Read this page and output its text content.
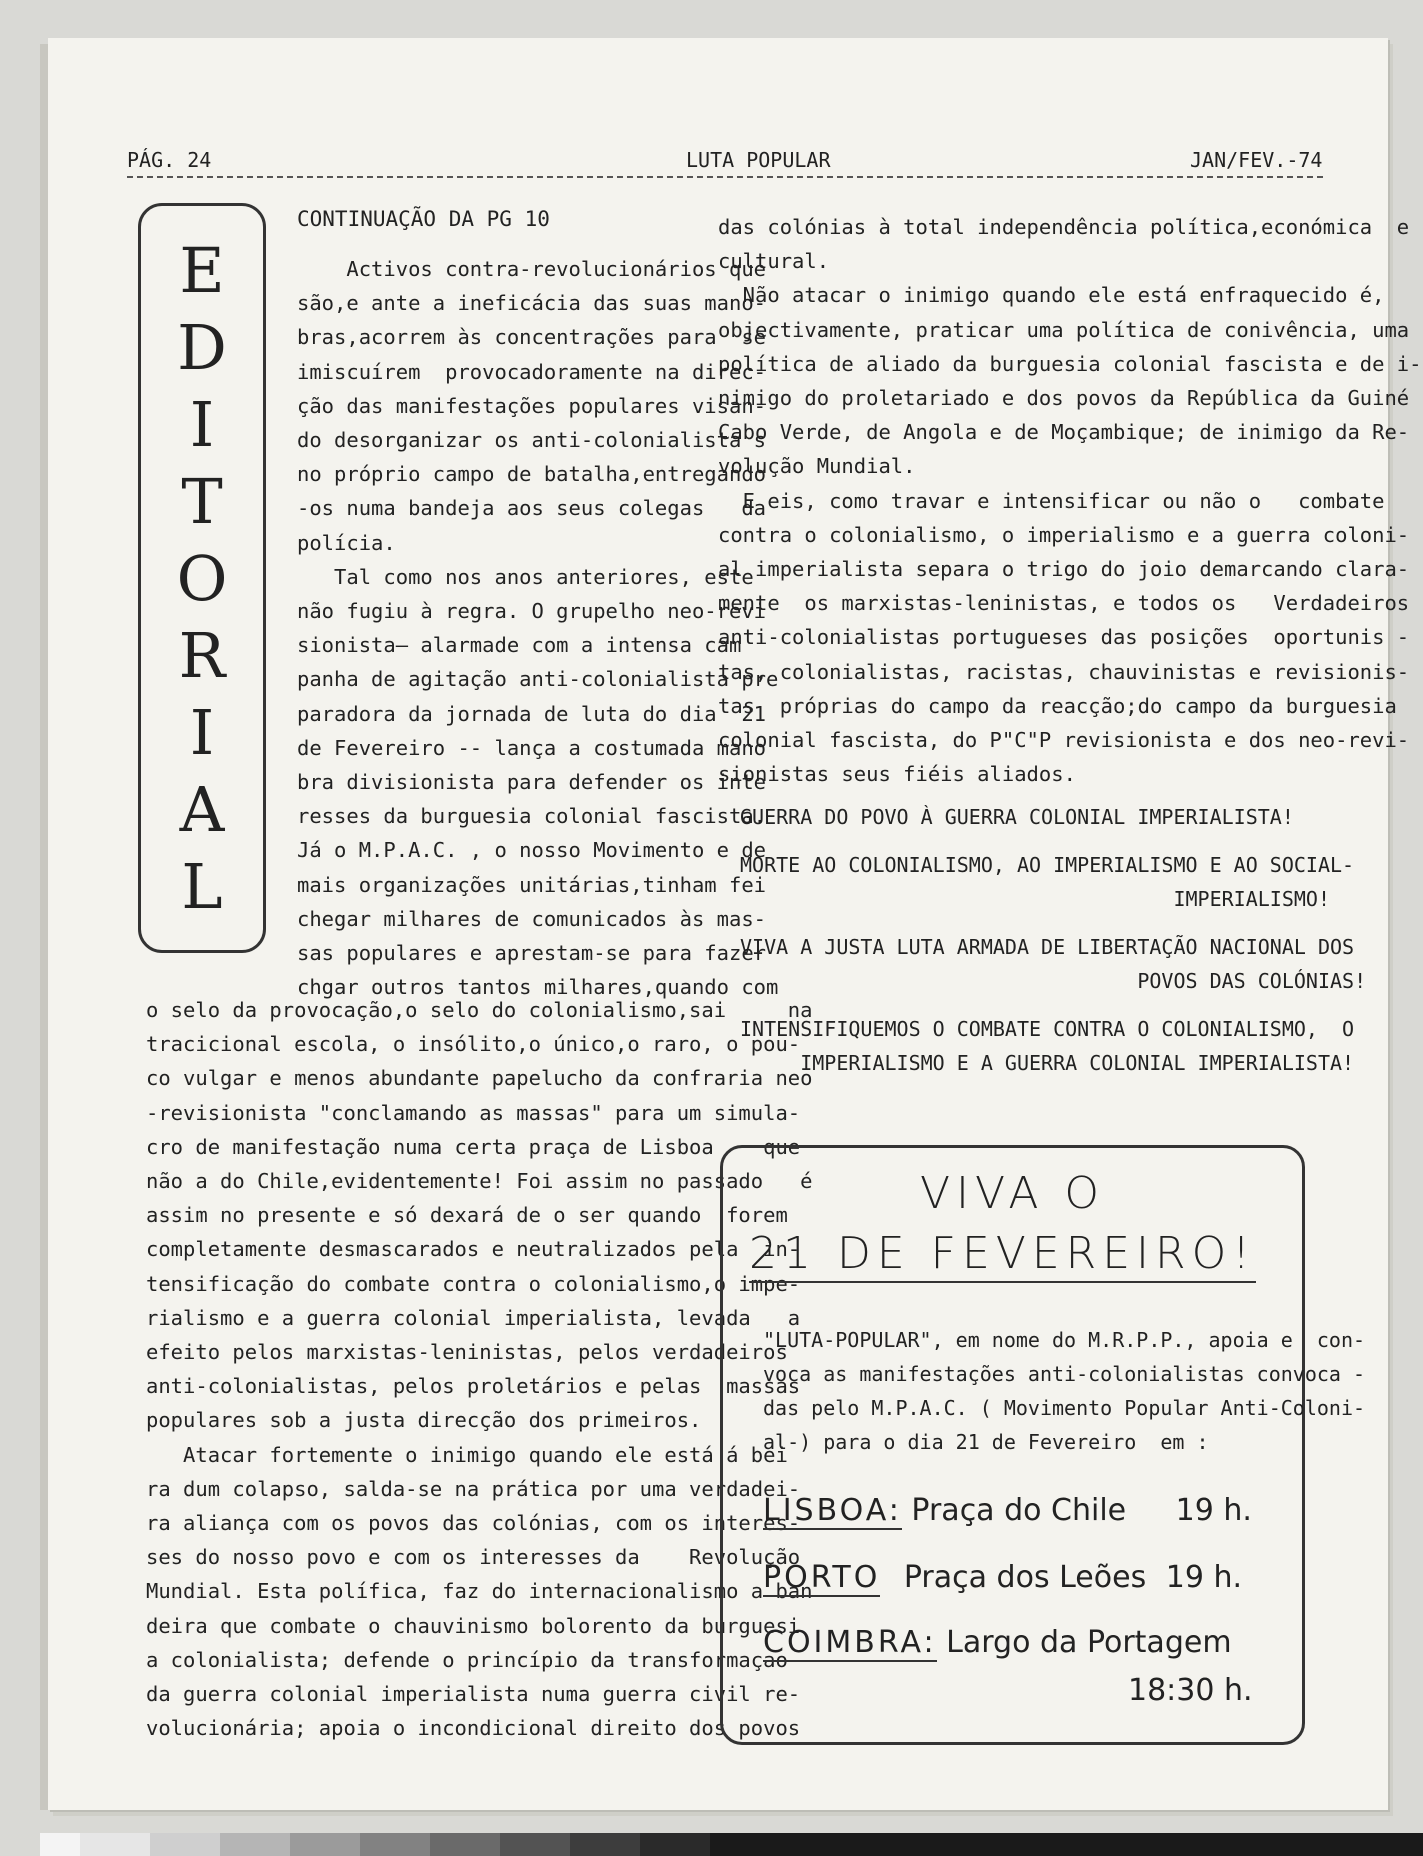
PÁG. 24	LUTA POPULAR	JAN/FEV.-74
E
D
I
T
O
R
I
A
L
CONTINUAÇÃO DA PG 10

Activos contra-revolucionários que

são,e ante a ineficácia das suas mano-

bras,acorrem às concentrações para  se

imiscuírem  provocadoramente na direc-

ção das manifestações populares visan-

do desorganizar os anti-colonialista s

no próprio campo de batalha,entregando

-os numa bandeja aos seus colegas   da

polícia.

Tal como nos anos anteriores, este

não fugiu à regra. O grupelho neo-revi

sionista— alarmade com a intensa cam

panha de agitação anti-colonialista pre

paradora da jornada de luta do dia  21

de Fevereiro -- lança a costumada mano

bra divisionista para defender os inte

resses da burguesia colonial fascista.

Já o M.P.A.C. , o nosso Movimento e de

mais organizações unitárias,tinham fei

chegar milhares de comunicados às mas-

sas populares e aprestam-se para fazer

chgar outros tantos milhares,quando com

o selo da provocação,o selo do colonialismo,sai     na

tracicional escola, o insólito,o único,o raro, o pou-

co vulgar e menos abundante papelucho da confraria neo

-revisionista "conclamando as massas" para um simula-

cro de manifestação numa certa praça de Lisboa    que

não a do Chile,evidentemente! Foi assim no passado   é

assim no presente e só dexará de o ser quando  forem

completamente desmascarados e neutralizados pela  in-

tensificação do combate contra o colonialismo,o impe-

rialismo e a guerra colonial imperialista, levada   a

efeito pelos marxistas-leninistas, pelos verdadeiros

anti-colonialistas, pelos proletários e pelas  massas

populares sob a justa direcção dos primeiros.

Atacar fortemente o inimigo quando ele está á bei

ra dum colapso, salda-se na prática por uma verdadei-

ra aliança com os povos das colónias, com os interes-

ses do nosso povo e com os interesses da    Revolução

Mundial. Esta polífica, faz do internacionalismo a ban

deira que combate o chauvinismo bolorento da burguesi

a colonialista; defende o princípio da transformaçao

da guerra colonial imperialista numa guerra civil re-

volucionária; apoia o incondicional direito dos povos

das colónias à total independência política,económica  e

cultural.

Não atacar o inimigo quando ele está enfraquecido é,

objectivamente, praticar uma política de conivência, uma

política de aliado da burguesia colonial fascista e de i-

nimigo do proletariado e dos povos da República da Guiné

Cabo Verde, de Angola e de Moçambique; de inimigo da Re-

volução Mundial.

E eis, como travar e intensificar ou não o   combate

contra o colonialismo, o imperialismo e a guerra coloni-

al imperialista separa o trigo do joio demarcando clara-

mente  os marxistas-leninistas, e todos os   Verdadeiros

anti-colonialistas portugueses das posições  oportunis -

tas, colonialistas, racistas, chauvinistas e revisionis-

tas  próprias do campo da reacção;do campo da burguesia

colonial fascista, do P"C"P revisionista e dos neo-revi-

sionistas seus fiéis aliados.

GUERRA DO POVO À GUERRA COLONIAL IMPERIALISTA!

MORTE AO COLONIALISMO, AO IMPERIALISMO E AO
IMPERIALISMO!

VIVA A JUSTA LUTA ARMADA DE LIBERTAÇÃO NACIONAL
POVOS DAS

INTENSIFIQUEMOS O COMBATE CONTRA O COLONIALISMO,
IMPERIALISMO E A GUERRA COLONIAL IMPERIALISTA!

VIVA O
21 DE FEVEREIRO!
"LUTA-POPULAR", em nome do M.R.P.P., apoia e
voca as manifestações anti-colonialistas convoca
das pelo M.P.A.C. ( Movimento Popular Anti-Coloni-
al-) para o dia 21 de Fevereiro  em :
LISBOA: Praça do Chile 19 h.
PORTO Praça dos Leões 19 h.
COIMBRA: Largo da Portagem
18:30 h.
